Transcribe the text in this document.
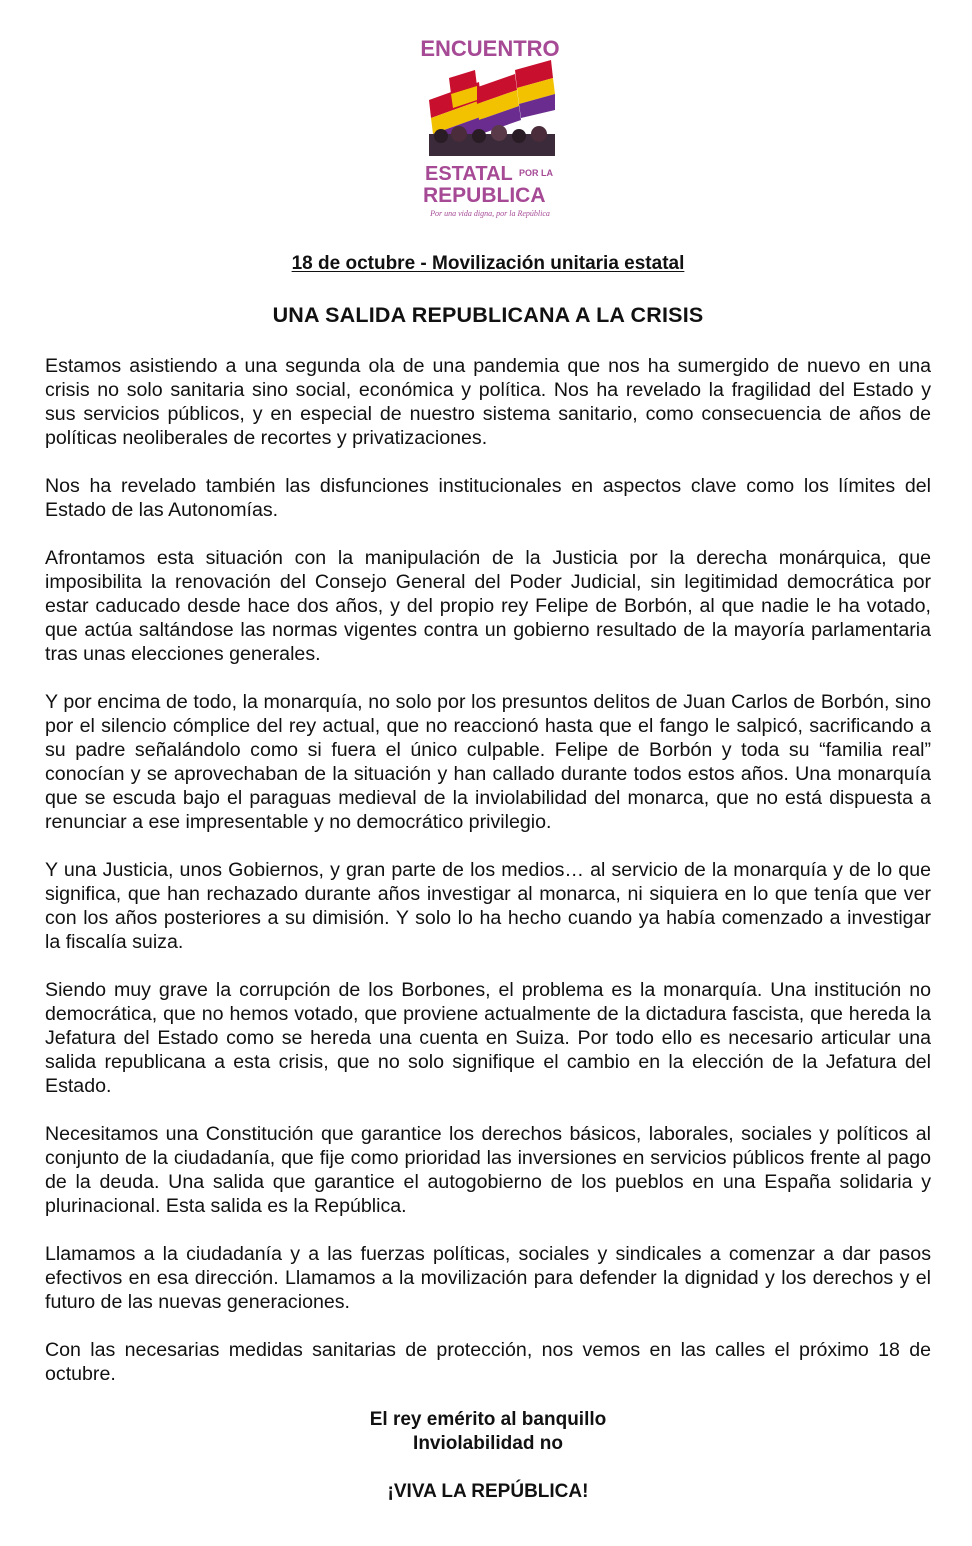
ENCUENTRO
ESTATAL POR LA
REPUBLICA
Por una vida digna, por la República
18 de octubre - Movilización unitaria estatal
UNA SALIDA REPUBLICANA A LA CRISIS

Estamos asistiendo a una segunda ola de una pandemia que nos ha sumergido de nuevo en una crisis no solo sanitaria sino social, económica y política. Nos ha revelado la fragilidad del Estado y sus servicios públicos, y en especial de nuestro sistema sanitario, como consecuencia de años de políticas neoliberales de recortes y privatizaciones.

Nos ha revelado también las disfunciones institucionales en aspectos clave como los límites del Estado de las Autonomías.

Afrontamos esta situación con la manipulación de la Justicia por la derecha monárquica, que imposibilita la renovación del Consejo General del Poder Judicial, sin legitimidad democrática por estar caducado desde hace dos años, y del propio rey Felipe de Borbón, al que nadie le ha votado, que actúa saltándose las normas vigentes contra un gobierno resultado de la mayoría parlamentaria tras unas elecciones generales.

Y por encima de todo, la monarquía, no solo por los presuntos delitos de Juan Carlos de Borbón, sino por el silencio cómplice del rey actual, que no reaccionó hasta que el fango le salpicó, sacrificando a su padre señalándolo como si fuera el único culpable. Felipe de Borbón y toda su “familia real” conocían y se aprovechaban de la situación y han callado durante todos estos años. Una monarquía que se escuda bajo el paraguas medieval de la inviolabilidad del monarca, que no está dispuesta a renunciar a ese impresentable y no democrático privilegio.

Y una Justicia, unos Gobiernos, y gran parte de los medios… al servicio de la monarquía y de lo que significa, que han rechazado durante años investigar al monarca, ni siquiera en lo que tenía que ver con los años posteriores a su dimisión. Y solo lo ha hecho cuando ya había comenzado a investigar la fiscalía suiza.

Siendo muy grave la corrupción de los Borbones, el problema es la monarquía. Una institución no democrática, que no hemos votado, que proviene actualmente de la dictadura fascista, que hereda la Jefatura del Estado como se hereda una cuenta en Suiza. Por todo ello es necesario articular una salida republicana a esta crisis, que no solo signifique el cambio en la elección de la Jefatura del Estado.

Necesitamos una Constitución que garantice los derechos básicos, laborales, sociales y políticos al conjunto de la ciudadanía, que fije como prioridad las inversiones en servicios públicos frente al pago de la deuda. Una salida que garantice el autogobierno de los pueblos en una España solidaria y plurinacional. Esta salida es la República.

Llamamos a la ciudadanía y a las fuerzas políticas, sociales y sindicales a comenzar a dar pasos efectivos en esa dirección. Llamamos a la movilización para defender la dignidad y los derechos y el futuro de las nuevas generaciones.

Con las necesarias medidas sanitarias de protección, nos vemos en las calles el próximo 18 de octubre.

El rey emérito al banquillo
Inviolabilidad no
¡VIVA LA REPÚBLICA!
